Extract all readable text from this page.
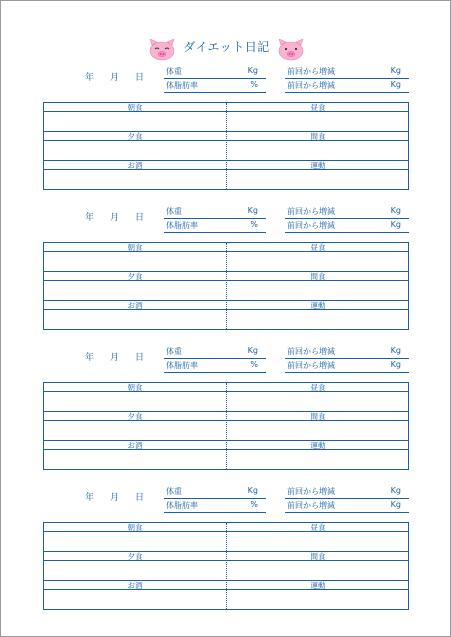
ダイエット日記
年 月 日
体重	Kg
体脂肪率	%
前回から増減	Kg
前回から増減	Kg
朝食	昼食
夕食	間食
お酒	運動
年 月 日
体重	Kg
体脂肪率	%
前回から増減	Kg
前回から増減	Kg
朝食	昼食
夕食	間食
お酒	運動
年 月 日
体重	Kg
体脂肪率	%
前回から増減	Kg
前回から増減	Kg
朝食	昼食
夕食	間食
お酒	運動
年 月 日
体重	Kg
体脂肪率	%
前回から増減	Kg
前回から増減	Kg
朝食	昼食
夕食	間食
お酒	運動
